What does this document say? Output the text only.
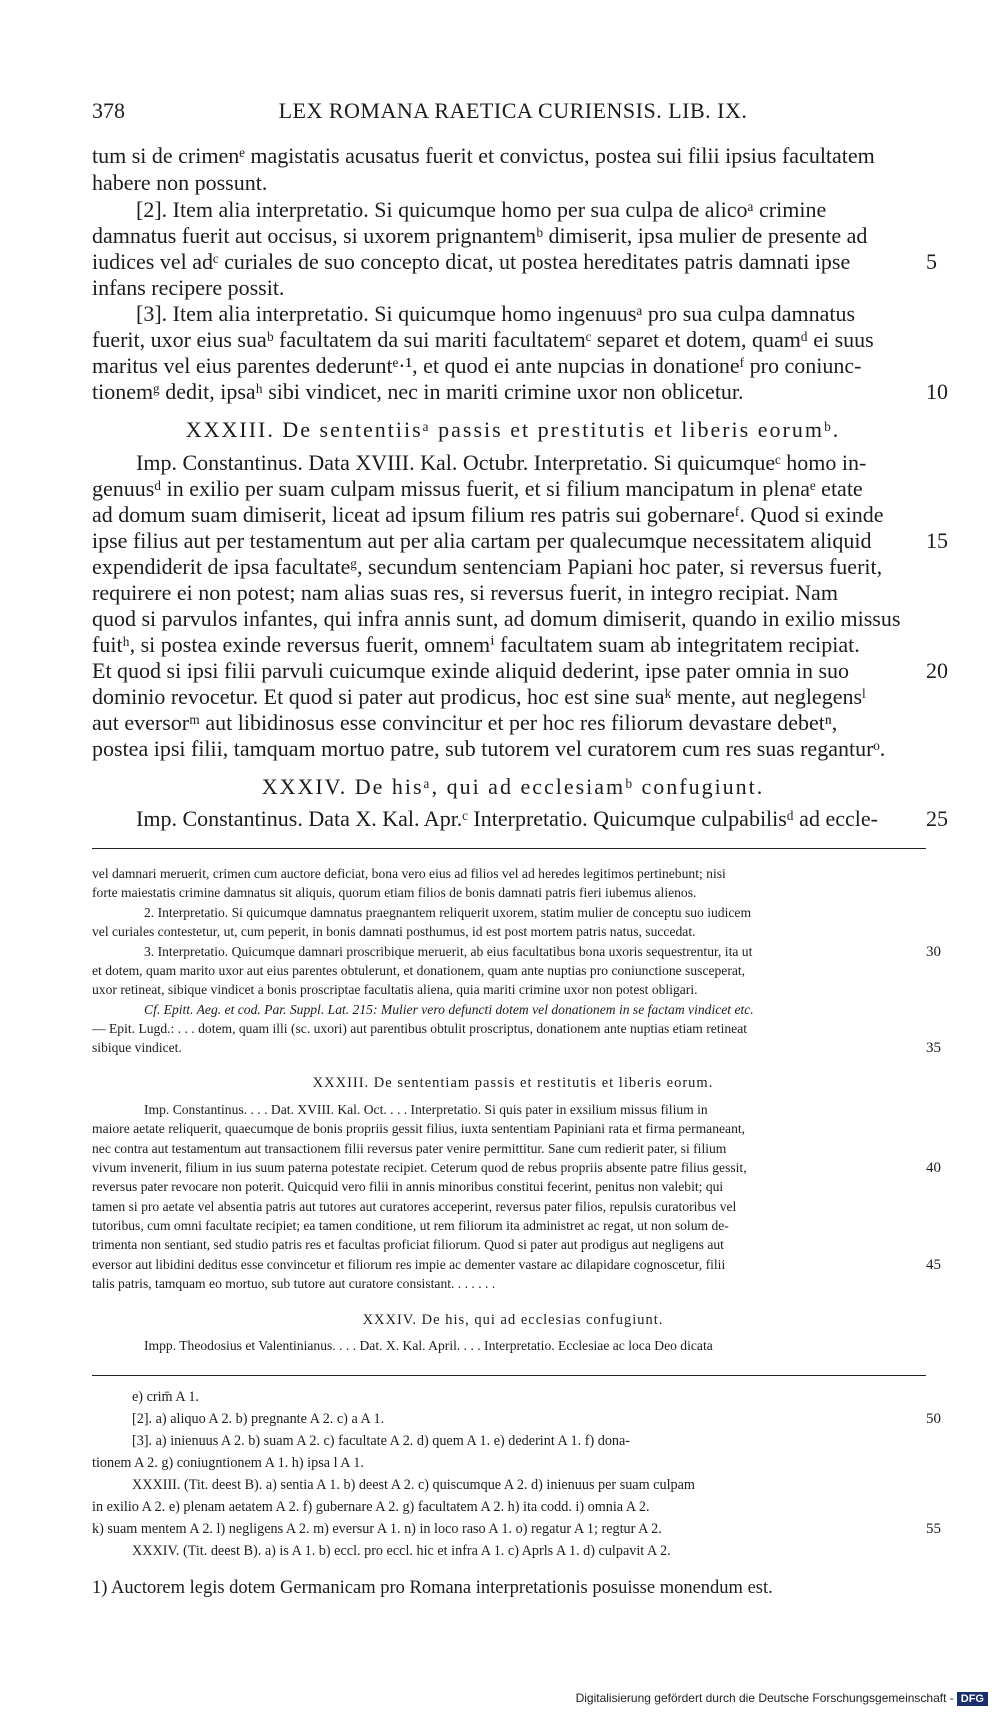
378	LEX ROMANA RAETICA CURIENSIS. LIB. IX.
tum si de crimenᵉ magistatis acusatus fuerit et convictus, postea sui filii ipsius facultatem
habere non possunt.
[2]. Item alia interpretatio. Si quicumque homo per sua culpa de alicoᵃ crimine
damnatus fuerit aut occisus, si uxorem prignantemᵇ dimiserit, ipsa mulier de presente ad
iudices vel adᶜ curiales de suo concepto dicat, ut postea hereditates patris damnati ipse	5
infans recipere possit.
[3]. Item alia interpretatio. Si quicumque homo ingenuusᵃ pro sua culpa damnatus
fuerit, uxor eius suaᵇ facultatem da sui mariti facultatemᶜ separet et dotem, quamᵈ ei suus
maritus vel eius parentes dederuntᵉ·¹, et quod ei ante nupcias in donationeᶠ pro coniunc-
tionemᵍ dedit, ipsaʰ sibi vindicet, nec in mariti crimine uxor non oblicetur.	10
XXXIII. De sententiisᵃ passis et prestitutis et liberis eorumᵇ.
Imp. Constantinus. Data XVIII. Kal. Octubr. Interpretatio. Si quicumqueᶜ homo in-
genuusᵈ in exilio per suam culpam missus fuerit, et si filium mancipatum in plenaᵉ etate
ad domum suam dimiserit, liceat ad ipsum filium res patris sui gobernareᶠ. Quod si exinde
ipse filius aut per testamentum aut per alia cartam per qualecumque necessitatem aliquid	15
expendiderit de ipsa facultateᵍ, secundum sentenciam Papiani hoc pater, si reversus fuerit,
requirere ei non potest; nam alias suas res, si reversus fuerit, in integro recipiat. Nam
quod si parvulos infantes, qui infra annis sunt, ad domum dimiserit, quando in exilio missus
fuitʰ, si postea exinde reversus fuerit, omnemⁱ facultatem suam ab integritatem recipiat.
Et quod si ipsi filii parvuli cuicumque exinde aliquid dederint, ipse pater omnia in suo	20
dominio revocetur. Et quod si pater aut prodicus, hoc est sine suaᵏ mente, aut neglegensˡ
aut eversorᵐ aut libidinosus esse convincitur et per hoc res filiorum devastare debetⁿ,
postea ipsi filii, tamquam mortuo patre, sub tutorem vel curatorem cum res suas reganturᵒ.
XXXIV. De hisᵃ, qui ad ecclesiamᵇ confugiunt.
Imp. Constantinus. Data X. Kal. Apr.ᶜ Interpretatio. Quicumque culpabilisᵈ ad eccle-	25
vel damnari meruerit, crimen cum auctore deficiat, bona vero eius ad filios vel ad heredes legitimos pertinebunt; nisi
forte maiestatis crimine damnatus sit aliquis, quorum etiam filios de bonis damnati patris fieri iubemus alienos.
2. Interpretatio. Si quicumque damnatus praegnantem reliquerit uxorem, statim mulier de conceptu suo iudicem
vel curiales contestetur, ut, cum peperit, in bonis damnati posthumus, id est post mortem patris natus, succedat.
3. Interpretatio. Quicumque damnari proscribique meruerit, ab eius facultatibus bona uxoris sequestrentur, ita ut	30
et dotem, quam marito uxor aut eius parentes obtulerunt, et donationem, quam ante nuptias pro coniunctione susceperat,
uxor retineat, sibique vindicet a bonis proscriptae facultatis aliena, quia mariti crimine uxor non potest obligari.
Cf. Epitt. Aeg. et cod. Par. Suppl. Lat. 215: Mulier vero defuncti dotem vel donationem in se factam vindicet etc.
— Epit. Lugd.: . . . dotem, quam illi (sc. uxori) aut parentibus obtulit proscriptus, donationem ante nuptias etiam retineat
sibique vindicet.	35
XXXIII. De sententiam passis et restitutis et liberis eorum.
Imp. Constantinus. . . . Dat. XVIII. Kal. Oct. . . . Interpretatio. Si quis pater in exsilium missus filium in
maiore aetate reliquerit, quaecumque de bonis propriis gessit filius, iuxta sententiam Papiniani rata et firma permaneant,
nec contra aut testamentum aut transactionem filii reversus pater venire permittitur. Sane cum redierit pater, si filium
vivum invenerit, filium in ius suum paterna potestate recipiet. Ceterum quod de rebus propriis absente patre filius gessit,	40
reversus pater revocare non poterit. Quicquid vero filii in annis minoribus constitui fecerint, penitus non valebit; qui
tamen si pro aetate vel absentia patris aut tutores aut curatores acceperint, reversus pater filios, repulsis curatoribus vel
tutoribus, cum omni facultate recipiet; ea tamen conditione, ut rem filiorum ita administret ac regat, ut non solum de-
trimenta non sentiant, sed studio patris res et facultas proficiat filiorum. Quod si pater aut prodigus aut negligens aut
eversor aut libidini deditus esse convincetur et filiorum res impie ac dementer vastare ac dilapidare cognoscetur, filii	45
talis patris, tamquam eo mortuo, sub tutore aut curatore consistant. . . . . . .
XXXIV. De his, qui ad ecclesias confugiunt.
Impp. Theodosius et Valentinianus. . . . Dat. X. Kal. April. . . . Interpretatio. Ecclesiae ac loca Deo dicata
e) crim̄ A 1.
[2]. a) aliquo A 2. b) pregnante A 2. c) a A 1.	50
[3]. a) inienuus A 2. b) suam A 2. c) facultate A 2. d) quem A 1. e) dederint A 1. f) dona-
tionem A 2. g) coniugntionem A 1. h) ipsa l A 1.
XXXIII. (Tit. deest B). a) sentia A 1. b) deest A 2. c) quiscumque A 2. d) inienuus per suam culpam
in exilio A 2. e) plenam aetatem A 2. f) gubernare A 2. g) facultatem A 2. h) ita codd. i) omnia A 2.
k) suam mentem A 2. l) negligens A 2. m) eversur A 1. n) in loco raso A 1. o) regatur A 1; regtur A 2.	55
XXXIV. (Tit. deest B). a) is A 1. b) eccl. pro eccl. hic et infra A 1. c) Aprls A 1. d) culpavit A 2.
1) Auctorem legis dotem Germanicam pro Romana interpretationis posuisse monendum est.
Digitalisierung gefördert durch die Deutsche Forschungsgemeinschaft - DFG
